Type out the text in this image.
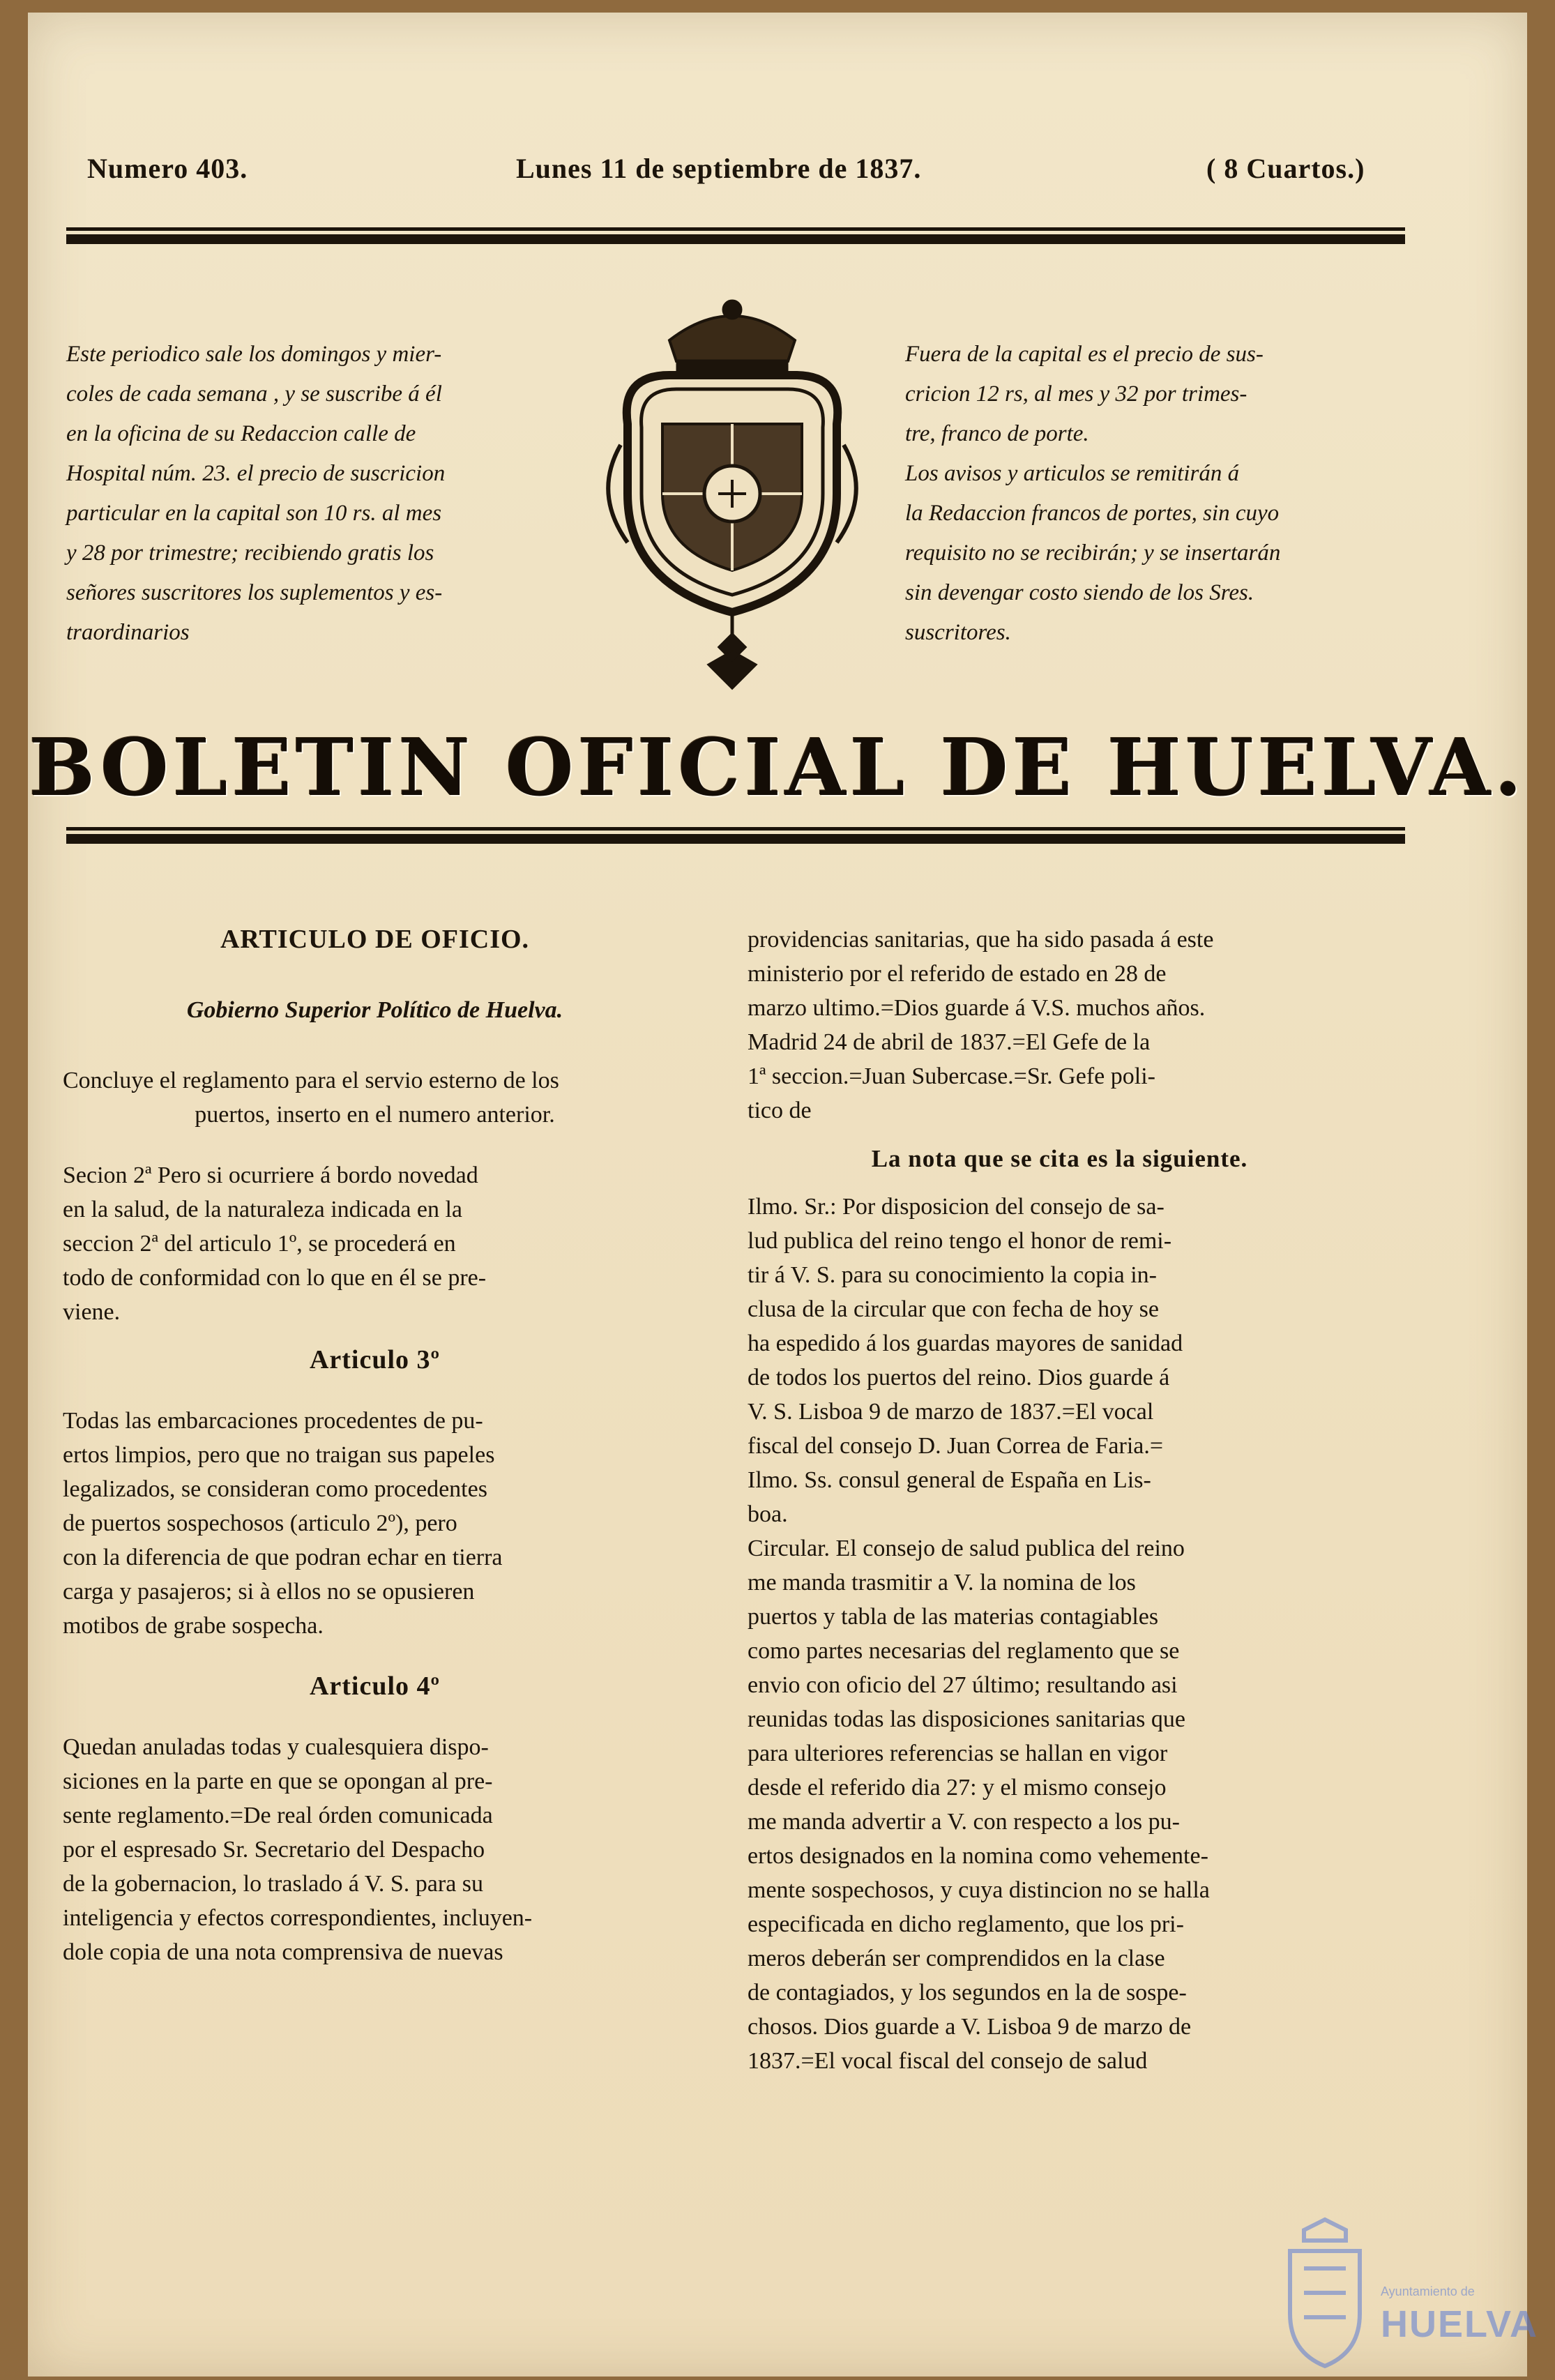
Numero 403.	Lunes 11 de septiembre de 1837.	( 8 Cuartos.)
Este periodico sale los domingos y mier-
coles de cada semana , y se suscribe á él
en la oficina de su Redaccion calle de
Hospital núm. 23. el precio de suscricion
particular en la capital son 10 rs. al mes
y 28 por trimestre; recibiendo gratis los
señores suscritores los suplementos y es-
traordinarios
Fuera de la capital es el precio de sus-
cricion 12 rs, al mes y 32 por trimes-
tre, franco de porte.
Los avisos y articulos se remitirán á
la Redaccion francos de portes, sin cuyo
requisito no se recibirán; y se insertarán
sin devengar costo siendo de los Sres.
suscritores.
BOLETIN OFICIAL DE HUELVA.

ARTICULO DE OFICIO.

Gobierno Superior Político de Huelva.

Concluye el reglamento para el servio esterno de los

puertos, inserto en el numero anterior.

Secion 2ª Pero si ocurriere á bordo novedad

en la salud, de la naturaleza indicada en la

seccion 2ª del articulo 1º, se procederá en

todo de conformidad con lo que en él se pre-

viene.

Articulo 3º

Todas las embarcaciones procedentes de pu-

ertos limpios, pero que no traigan sus papeles

legalizados, se consideran como procedentes

de puertos sospechosos (articulo 2º), pero

con la diferencia de que podran echar en tierra

carga y pasajeros; si à ellos no se opusieren

motibos de grabe sospecha.

Articulo 4º

Quedan anuladas todas y cualesquiera dispo-

siciones en la parte en que se opongan al pre-

sente reglamento.=De real órden comunicada

por el espresado Sr. Secretario del Despacho

de la gobernacion, lo traslado á V. S. para su

inteligencia y efectos correspondientes, incluyen-

dole copia de una nota comprensiva de nuevas

providencias sanitarias, que ha sido pasada á este

ministerio por el referido de estado en 28 de

marzo ultimo.=Dios guarde á V.S. muchos años.

Madrid 24 de abril de 1837.=El Gefe de la

1ª seccion.=Juan Subercase.=Sr. Gefe poli-

tico de

La nota que se cita es la siguiente.

Ilmo. Sr.: Por disposicion del consejo de sa-

lud publica del reino tengo el honor de remi-

tir á V. S. para su conocimiento la copia in-

clusa de la circular que con fecha de hoy se

ha espedido á los guardas mayores de sanidad

de todos los puertos del reino. Dios guarde á

V. S. Lisboa 9 de marzo de 1837.=El vocal

fiscal del consejo D. Juan Correa de Faria.=

Ilmo. Ss. consul general de España en Lis-

boa.

Circular. El consejo de salud publica del reino

me manda trasmitir a V. la nomina de los

puertos y tabla de las materias contagiables

como partes necesarias del reglamento que se

envio con oficio del 27 último; resultando asi

reunidas todas las disposiciones sanitarias que

para ulteriores referencias se hallan en vigor

desde el referido dia 27: y el mismo consejo

me manda advertir a V. con respecto a los pu-

ertos designados en la nomina como vehemente-

mente sospechosos, y cuya distincion no se halla

especificada en dicho reglamento, que los pri-

meros deberán ser comprendidos en la clase

de contagiados, y los segundos en la de sospe-

chosos. Dios guarde a V. Lisboa 9 de marzo de

1837.=El vocal fiscal del consejo de salud

Ayuntamiento de
HUELVA
